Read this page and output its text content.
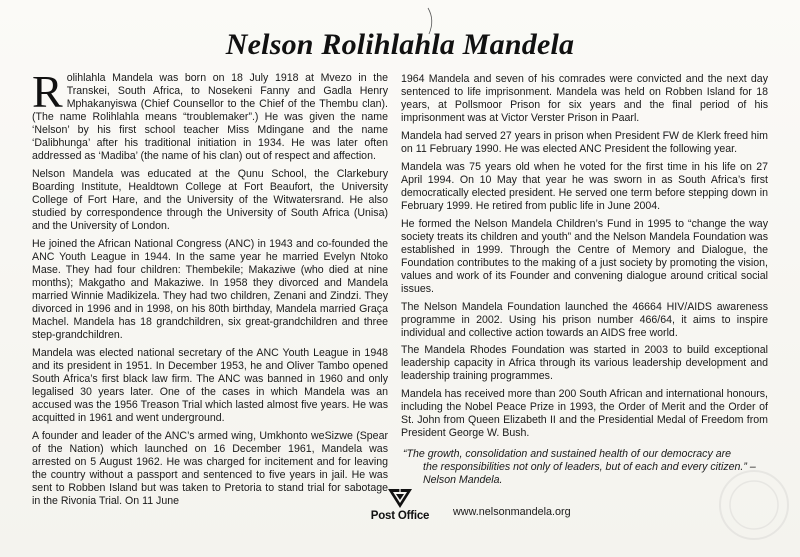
Nelson Rolihlahla Mandela

Rolihlahla Mandela was born on 18 July 1918 at Mvezo in the Transkei, South Africa, to Nosekeni Fanny and Gadla Henry Mphakanyiswa (Chief Counsellor to the Chief of the Thembu clan). (The name Rolihlahla means “troublemaker”.) He was given the name ‘Nelson’ by his first school teacher Miss Mdingane and the name ‘Dalibhunga’ after his traditional initiation in 1934. He was later often addressed as ‘Madiba’ (the name of his clan) out of respect and affection.

Nelson Mandela was educated at the Qunu School, the Clarkebury Boarding Institute, Healdtown College at Fort Beaufort, the University College of Fort Hare, and the University of the Witwatersrand. He also studied by correspondence through the University of South Africa (Unisa) and the University of London.

He joined the African National Congress (ANC) in 1943 and co-founded the ANC Youth League in 1944. In the same year he married Evelyn Ntoko Mase. They had four children: Thembekile; Makaziwe (who died at nine months); Makgatho and Makaziwe. In 1958 they divorced and Mandela married Winnie Madikizela. They had two children, Zenani and Zindzi. They divorced in 1996 and in 1998, on his 80th birthday, Mandela married Graça Machel. Mandela has 18 grandchildren, six great-grandchildren and three step-grandchildren.

Mandela was elected national secretary of the ANC Youth League in 1948 and its president in 1951. In December 1953, he and Oliver Tambo opened South Africa’s first black law firm. The ANC was banned in 1960 and only legalised 30 years later. One of the cases in which Mandela was an accused was the 1956 Treason Trial which lasted almost five years. He was acquitted in 1961 and went underground.

A founder and leader of the ANC’s armed wing, Umkhonto weSizwe (Spear of the Nation) which launched on 16 December 1961, Mandela was arrested on 5 August 1962. He was charged for incitement and for leaving the country without a passport and sentenced to five years in jail. He was sent to Robben Island but was taken to Pretoria to stand trial for sabotage in the Rivonia Trial. On 11 June

1964 Mandela and seven of his comrades were convicted and the next day sentenced to life imprisonment. Mandela was held on Robben Island for 18 years, at Pollsmoor Prison for six years and the final period of his imprisonment was at Victor Verster Prison in Paarl.

Mandela had served 27 years in prison when President FW de Klerk freed him on 11 February 1990. He was elected ANC President the following year.

Mandela was 75 years old when he voted for the first time in his life on 27 April 1994. On 10 May that year he was sworn in as South Africa’s first democratically elected president. He served one term before stepping down in February 1999. He retired from public life in June 2004.

He formed the Nelson Mandela Children’s Fund in 1995 to “change the way society treats its children and youth” and the Nelson Mandela Foundation was established in 1999. Through the Centre of Memory and Dialogue, the Foundation contributes to the making of a just society by promoting the vision, values and work of its Founder and convening dialogue around critical social issues.

The Nelson Mandela Foundation launched the 46664 HIV/AIDS awareness programme in 2002. Using his prison number 466/64, it aims to inspire individual and collective action towards an AIDS free world.

The Mandela Rhodes Foundation was started in 2003 to build exceptional leadership capacity in Africa through its various leadership development and leadership training programmes.

Mandela has received more than 200 South African and international honours, including the Nobel Peace Prize in 1993, the Order of Merit and the Order of St. John from Queen Elizabeth II and the Presidential Medal of Freedom from President George W. Bush.

“The growth, consolidation and sustained health of our democracy are
the responsibilities not only of leaders, but of each and every citizen.” – Nelson Mandela.

Post Office	www.nelsonmandela.org
